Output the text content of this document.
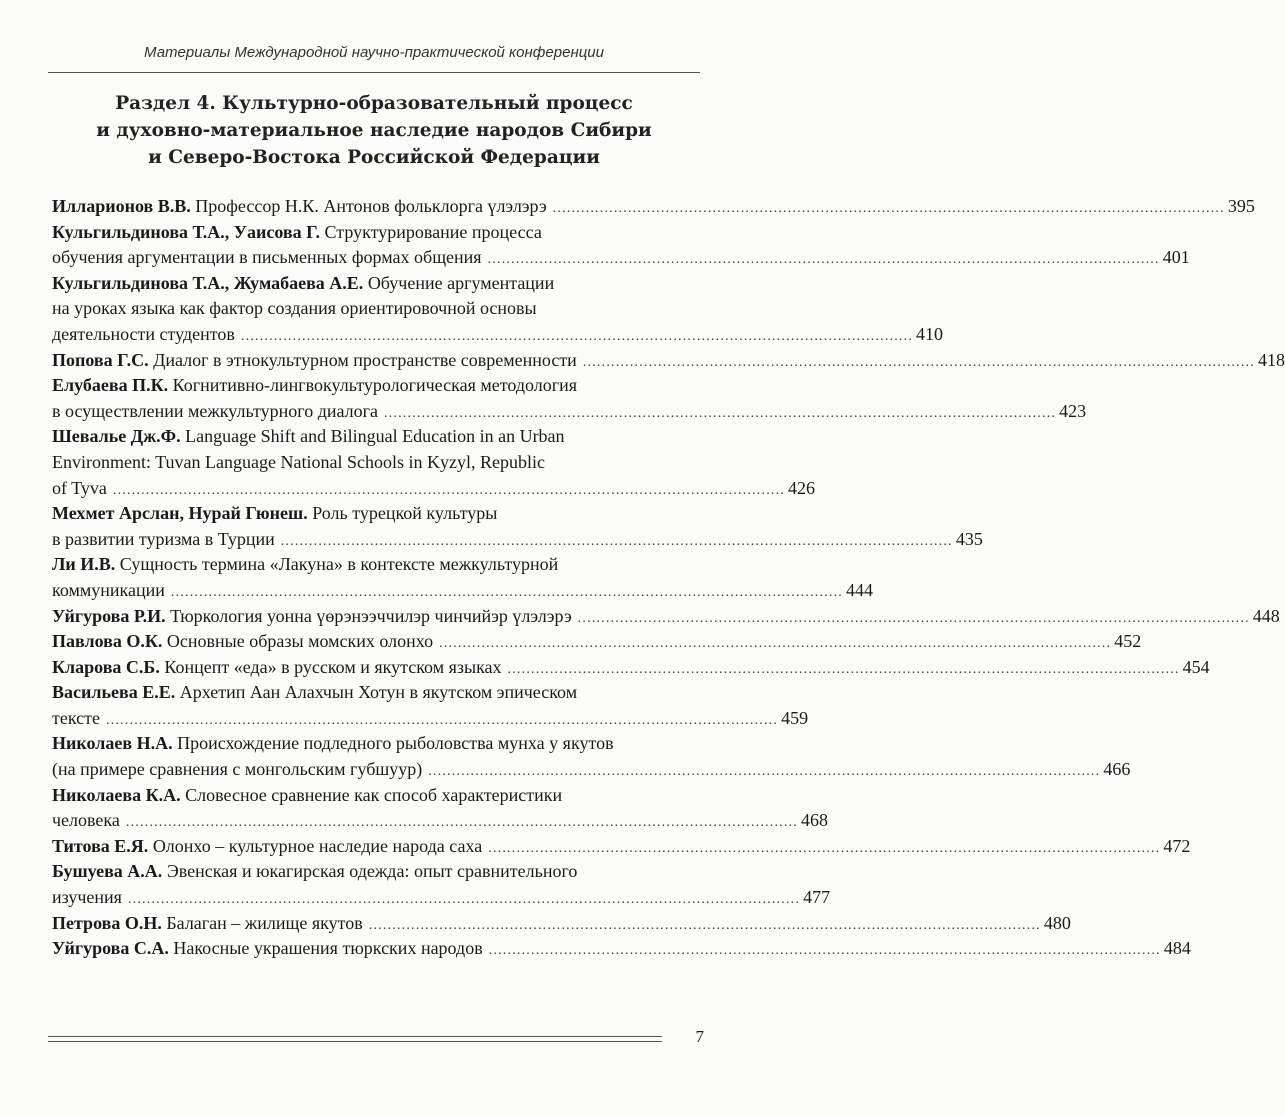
Материалы Международной научно-практической конференции
Раздел 4. Культурно-образовательный процесс
и духовно-материальное наследие народов Сибири
и Северо-Востока Российской Федерации
Илларионов В.В.
Профессор Н.К. Антонов фольклорга үлэлэрэ ............................................................................................................................................... 395
Кульгильдинова Т.А., Уаисова Г.
Структурирование процесса
обучения аргументации в письменных формах общения ............................................................................................................................................... 401
Кульгильдинова Т.А., Жумабаева А.Е.
Обучение аргументации
на уроках языка как фактор создания ориентировочной основы
деятельности студентов ............................................................................................................................................... 410
Попова Г.С.
Диалог в этнокультурном пространстве современности ............................................................................................................................................... 418
Елубаева П.К.
Когнитивно-лингвокультурологическая методология
в осуществлении межкультурного диалога ............................................................................................................................................... 423
Шевалье Дж.Ф.
Language Shift and Bilingual Education in an Urban
Environment: Tuvan Language National Schools in Kyzyl, Republic
of Tyva ............................................................................................................................................... 426
Мехмет Арслан, Нурай Гюнеш.
Роль турецкой культуры
в развитии туризма в Турции ............................................................................................................................................... 435
Ли И.В.
Сущность термина «Лакуна» в контексте межкультурной
коммуникации ............................................................................................................................................... 444
Уйгурова Р.И.
Тюркология уонна үөрэнээччилэр чинчийэр үлэлэрэ ............................................................................................................................................... 448
Павлова О.К.
Основные образы момских олонхо ............................................................................................................................................... 452
Кларова С.Б.
Концепт «еда» в русском и якутском языках ............................................................................................................................................... 454
Васильева Е.Е.
Архетип Аан Алахчын Хотун в якутском эпическом
тексте ............................................................................................................................................... 459
Николаев Н.А.
Происхождение подледного рыболовства мунха у якутов
(на примере сравнения с монгольским губшуур) ............................................................................................................................................... 466
Николаева К.А.
Словесное сравнение как способ характеристики
человека ............................................................................................................................................... 468
Титова Е.Я.
Олонхо – культурное наследие народа саха ............................................................................................................................................... 472
Бушуева А.А.
Эвенская и юкагирская одежда: опыт сравнительного
изучения ............................................................................................................................................... 477
Петрова О.Н.
Балаган – жилище якутов ............................................................................................................................................... 480
Уйгурова С.А.
Накосные украшения тюркских народов ............................................................................................................................................... 484
7
